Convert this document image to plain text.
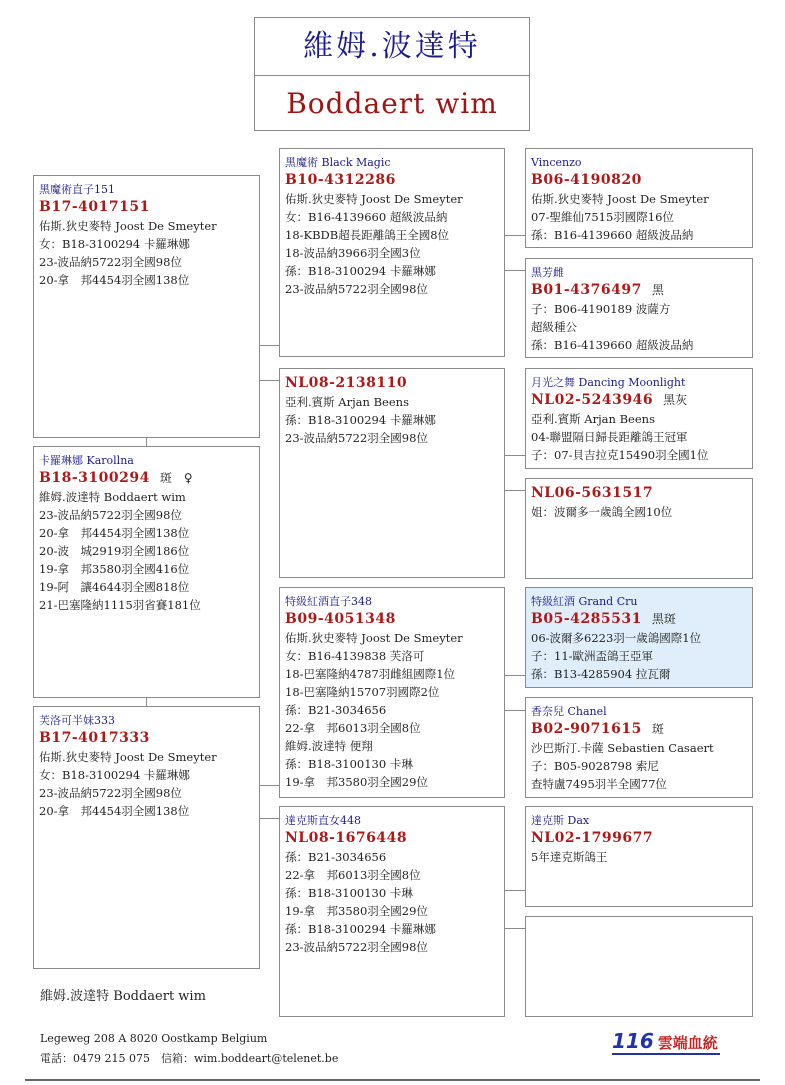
維姆.波達特
Boddaert wim
黑魔術直子151
B17-4017151
佑斯.狄史麥特 Joost De Smeyter
女：B18-3100294 卡羅琳娜
23-波品納5722羽全國98位
20-拿　邦4454羽全國138位
卡羅琳娜 Karollna
B18-3100294 斑　♀
維姆.波達特 Boddaert wim
23-波品納5722羽全國98位
20-拿　邦4454羽全國138位
20-波　城2919羽全國186位
19-拿　邦3580羽全國416位
19-阿　讓4644羽全國818位
21-巴塞隆納1115羽省賽181位
芙洛可半妹333
B17-4017333
佑斯.狄史麥特 Joost De Smeyter
女：B18-3100294 卡羅琳娜
23-波品納5722羽全國98位
20-拿　邦4454羽全國138位
黑魔術 Black Magic
B10-4312286
佑斯.狄史麥特 Joost De Smeyter
女：B16-4139660 超級波品納
18-KBDB超長距離鴿王全國8位
18-波品納3966羽全國3位
孫：B18-3100294 卡羅琳娜
23-波品納5722羽全國98位
NL08-2138110
亞利.賓斯 Arjan Beens
孫：B18-3100294 卡羅琳娜
23-波品納5722羽全國98位
特級紅酒直子348
B09-4051348
佑斯.狄史麥特 Joost De Smeyter
女：B16-4139838 芙洛可
18-巴塞隆納4787羽雌組國際1位
18-巴塞隆納15707羽國際2位
孫：B21-3034656
22-拿　邦6013羽全國8位
維姆.波達特 便翔
孫：B18-3100130 卡琳
19-拿　邦3580羽全國29位
達克斯直女448
NL08-1676448
孫：B21-3034656
22-拿　邦6013羽全國8位
孫：B18-3100130 卡琳
19-拿　邦3580羽全國29位
孫：B18-3100294 卡羅琳娜
23-波品納5722羽全國98位
Vincenzo
B06-4190820
佑斯.狄史麥特 Joost De Smeyter
07-聖維仙7515羽國際16位
孫：B16-4139660 超級波品納
黑芳雌
B01-4376497 黑
子：B06-4190189 波薩方
超級種公
孫：B16-4139660 超級波品納
月光之舞 Dancing Moonlight
NL02-5243946 黑灰
亞利.賓斯 Arjan Beens
04-聯盟隔日歸長距離鴿王冠軍
子：07-貝吉拉克15490羽全國1位
NL06-5631517
姐：波爾多一歲鴿全國10位
特級紅酒 Grand Cru
B05-4285531 黑斑
06-波爾多6223羽一歲鴿國際1位
子：11-歐洲盃鴿王亞軍
孫：B13-4285904 拉瓦爾
香奈兒 Chanel
B02-9071615 斑
沙巴斯汀.卡薩 Sebastien Casaert
子：B05-9028798 索尼
查特盧7495羽半全國77位
達克斯 Dax
NL02-1799677
5年達克斯鴿王
維姆.波達特 Boddaert wim
Legeweg 208 A 8020 Oostkamp Belgium
電話：0479 215 075　信箱：wim.boddeart@telenet.be
116 雲端血統
